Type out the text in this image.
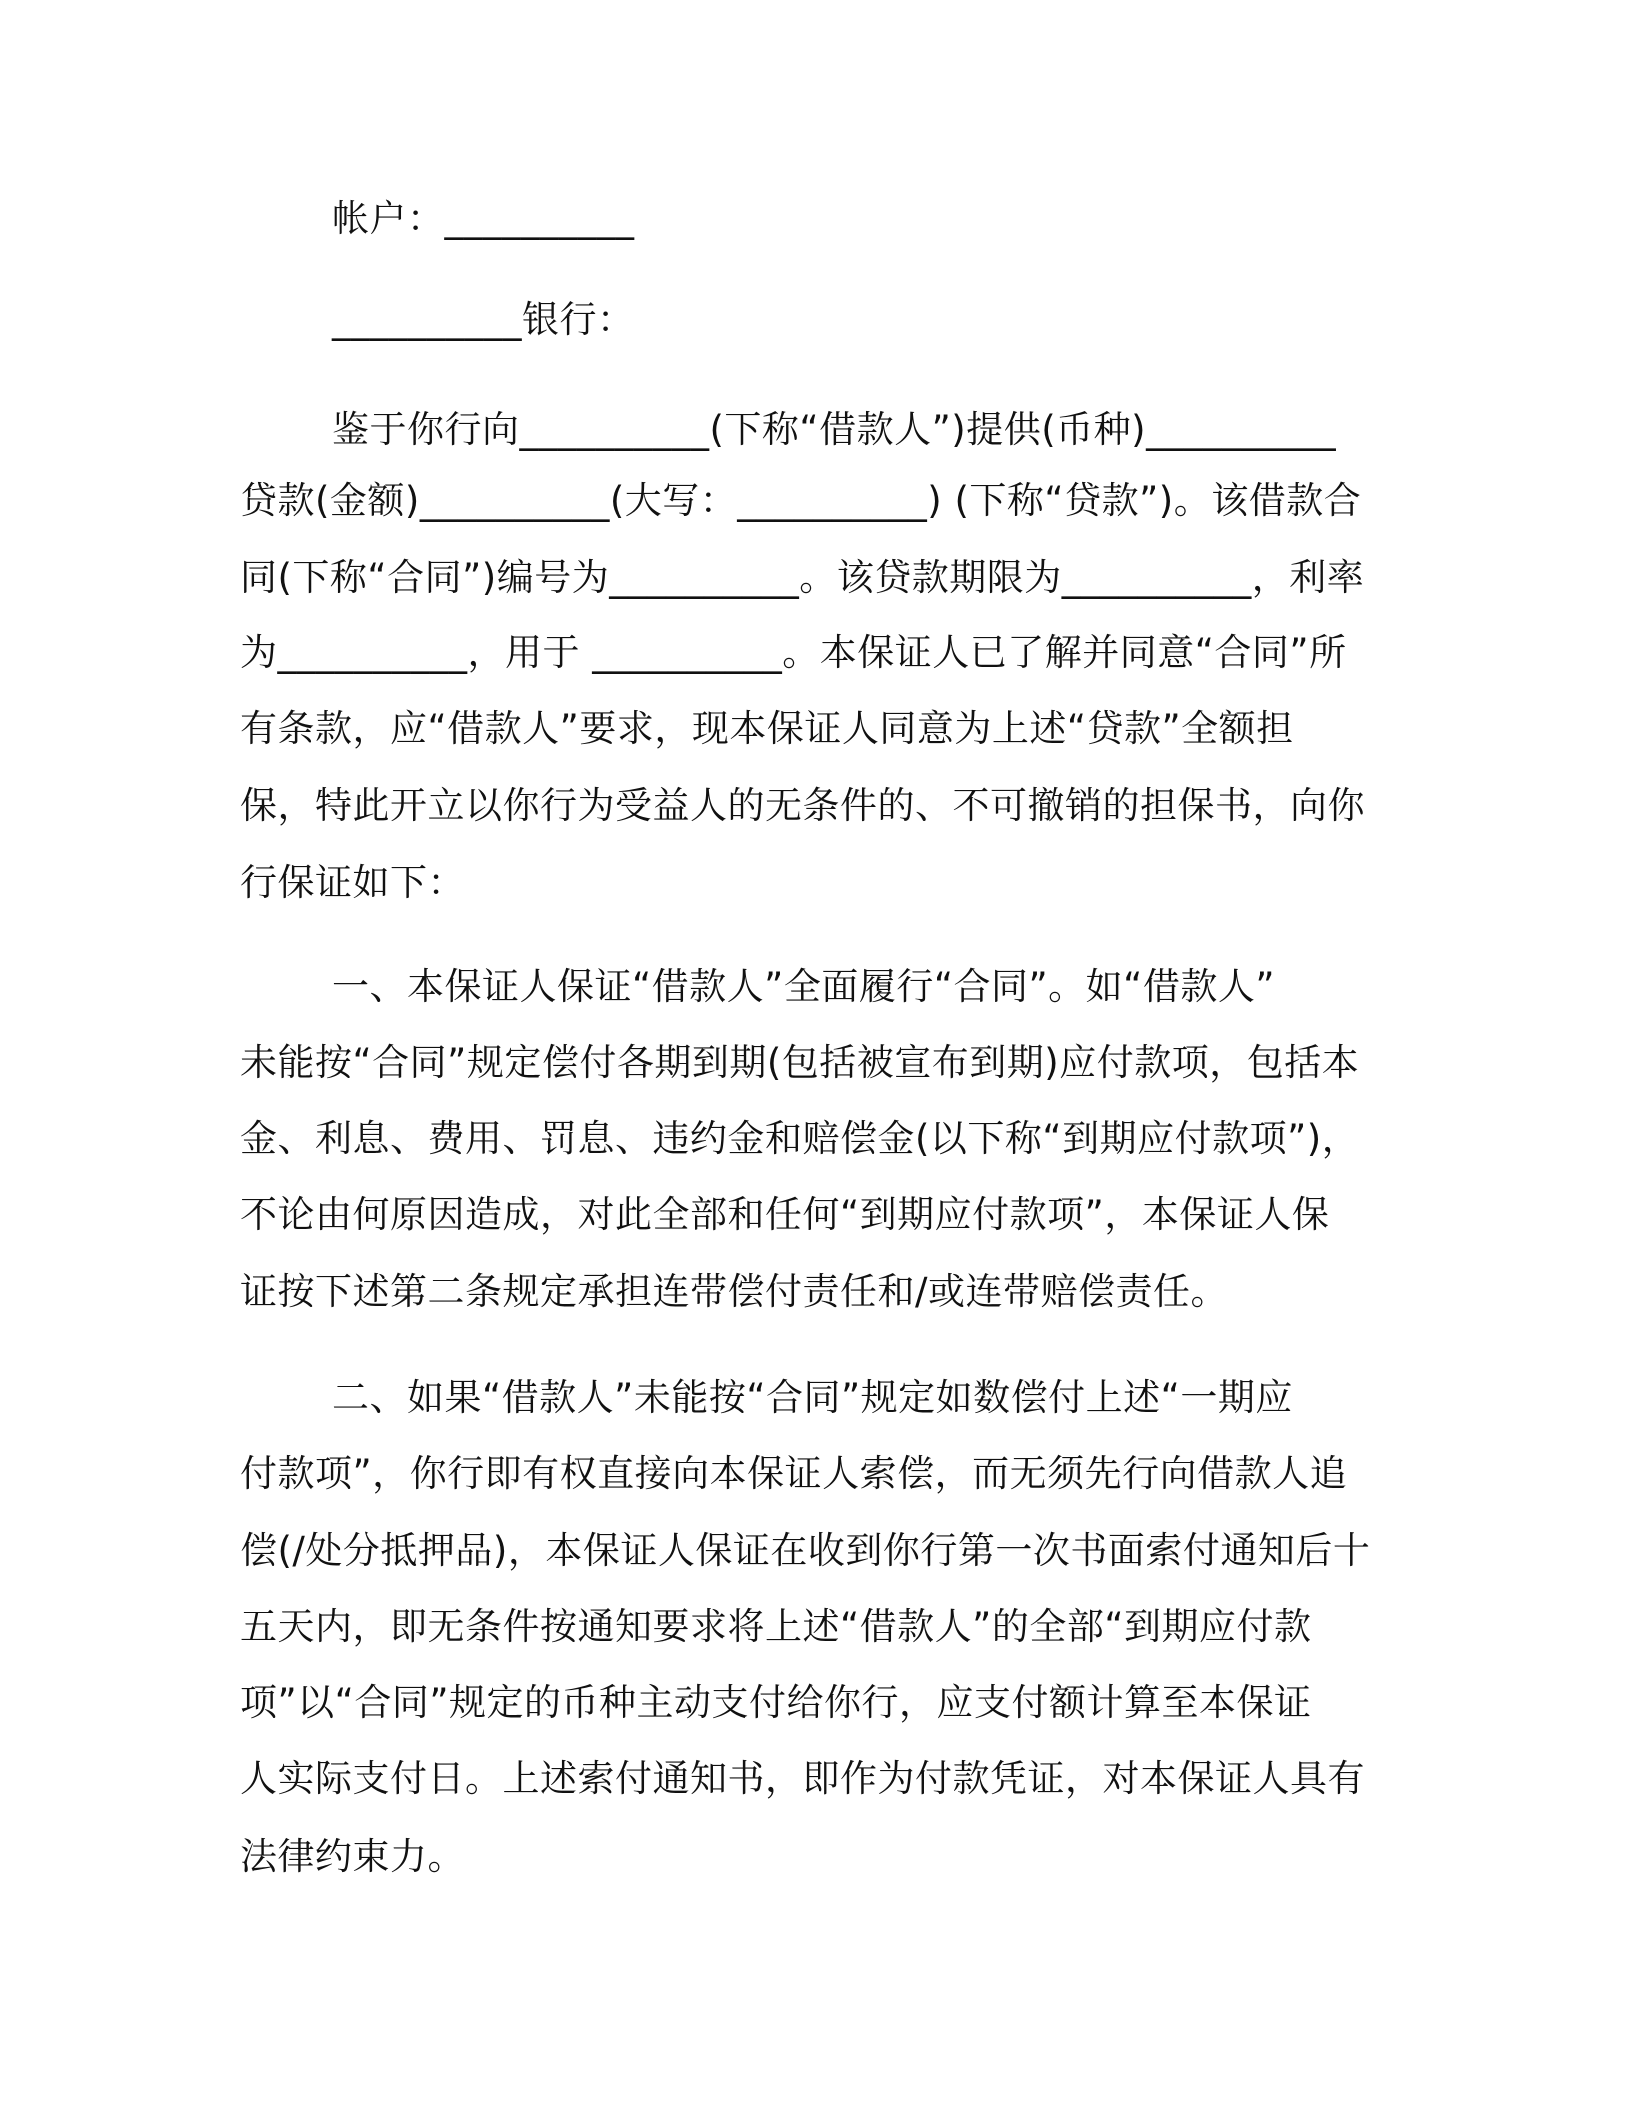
帐户：__________
__________银行：
鉴于你行向__________(下称“借款人”)提供(币种)__________
贷款(金额)__________(大写：__________) (下称“贷款”)。该借款合
同(下称“合同”)编号为__________。该贷款期限为__________，利率
为__________，用于 __________。本保证人已了解并同意“合同”所
有条款，应“借款人”要求，现本保证人同意为上述“贷款”全额担
保，特此开立以你行为受益人的无条件的、不可撤销的担保书，向你
行保证如下：
一、本保证人保证“借款人”全面履行“合同”。如“借款人”
未能按“合同”规定偿付各期到期(包括被宣布到期)应付款项，包括本
金、利息、费用、罚息、违约金和赔偿金(以下称“到期应付款项”)，
不论由何原因造成，对此全部和任何“到期应付款项”，本保证人保
证按下述第二条规定承担连带偿付责任和/或连带赔偿责任。
二、如果“借款人”未能按“合同”规定如数偿付上述“一期应
付款项”，你行即有权直接向本保证人索偿，而无须先行向借款人追
偿(/处分抵押品)，本保证人保证在收到你行第一次书面索付通知后十
五天内，即无条件按通知要求将上述“借款人”的全部“到期应付款
项”以“合同”规定的币种主动支付给你行，应支付额计算至本保证
人实际支付日。上述索付通知书，即作为付款凭证，对本保证人具有
法律约束力。
